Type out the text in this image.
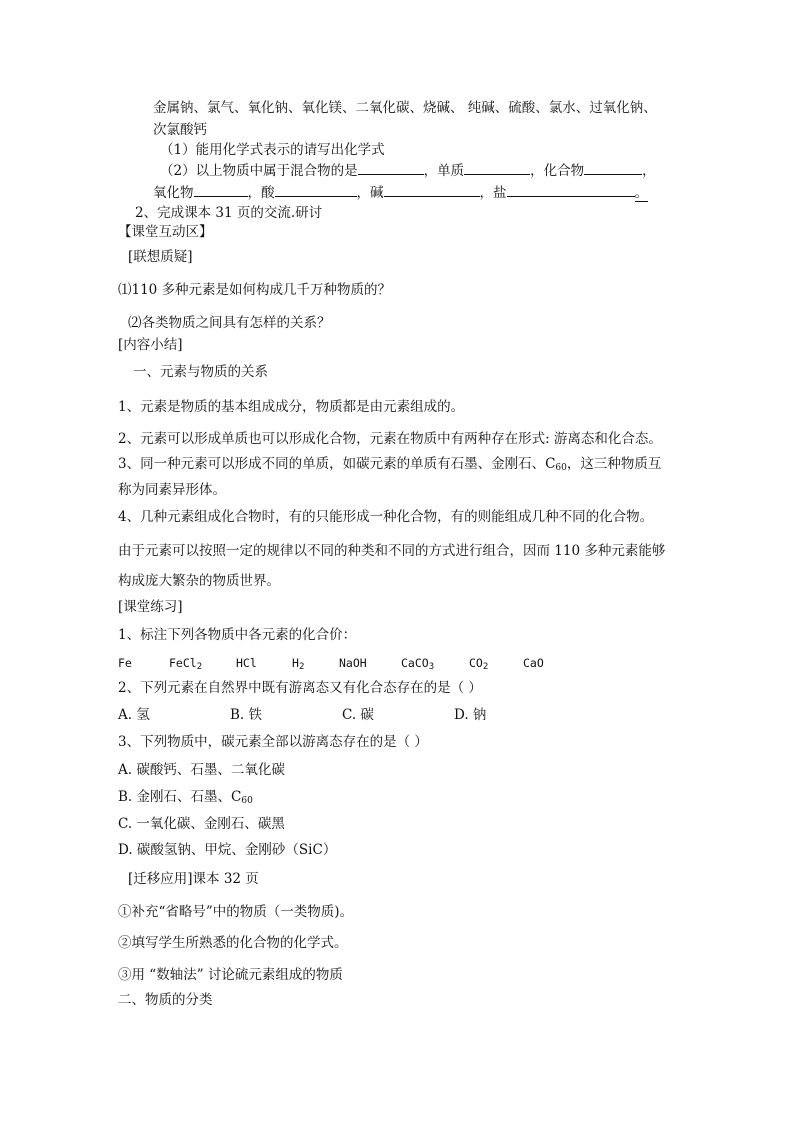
金属钠、氯气、氧化钠、氧化镁、二氧化碳、烧碱、 纯碱、硫酸、氯水、过氧化钠、
次氯酸钙
（1）能用化学式表示的请写出化学式
（2）以上物质中属于混合物的是	，单质	，化合物	，
氧化物	，酸	，碱	，盐	。
2、完成课本 31 页的交流.研讨
【课堂互动区】
[联想质疑]
⑴110 多种元素是如何构成几千万种物质的？
⑵各类物质之间具有怎样的关系？
[内容小结]
一、元素与物质的关系
1、元素是物质的基本组成成分，物质都是由元素组成的。
2、元素可以形成单质也可以形成化合物，元素在物质中有两种存在形式: 游离态和化合态。
3、同一种元素可以形成不同的单质，如碳元素的单质有石墨、金刚石、$C_{60}$，这三种物质互
称为同素异形体。
4、几种元素组成化合物时，有的只能形成一种化合物，有的则能组成几种不同的化合物。
由于元素可以按照一定的规律以不同的种类和不同的方式进行组合，因而 110 多种元素能够
构成庞大繁杂的物质世界。
[课堂练习]
1、标注下列各物质中各元素的化合价：
Fe	FeCl$_2$	HCl	$H_2$	NaOH	CaCO$_3$	$CO_2$	CaO
2、下列元素在自然界中既有游离态又有化合态存在的是（ ）
A. 氢	B. 铁	C. 碳	D. 钠
3、下列物质中，碳元素全部以游离态存在的是（ ）
A. 碳酸钙、石墨、二氧化碳
B. 金刚石、石墨、$C_{60}$
C. 一氧化碳、金刚石、碳黑
D. 碳酸氢钠、甲烷、金刚砂（SiC）
[迁移应用]课本 32 页
①补充“省略号”中的物质（一类物质)。
②填写学生所熟悉的化合物的化学式。
③用 “数轴法” 讨论硫元素组成的物质
二、物质的分类
